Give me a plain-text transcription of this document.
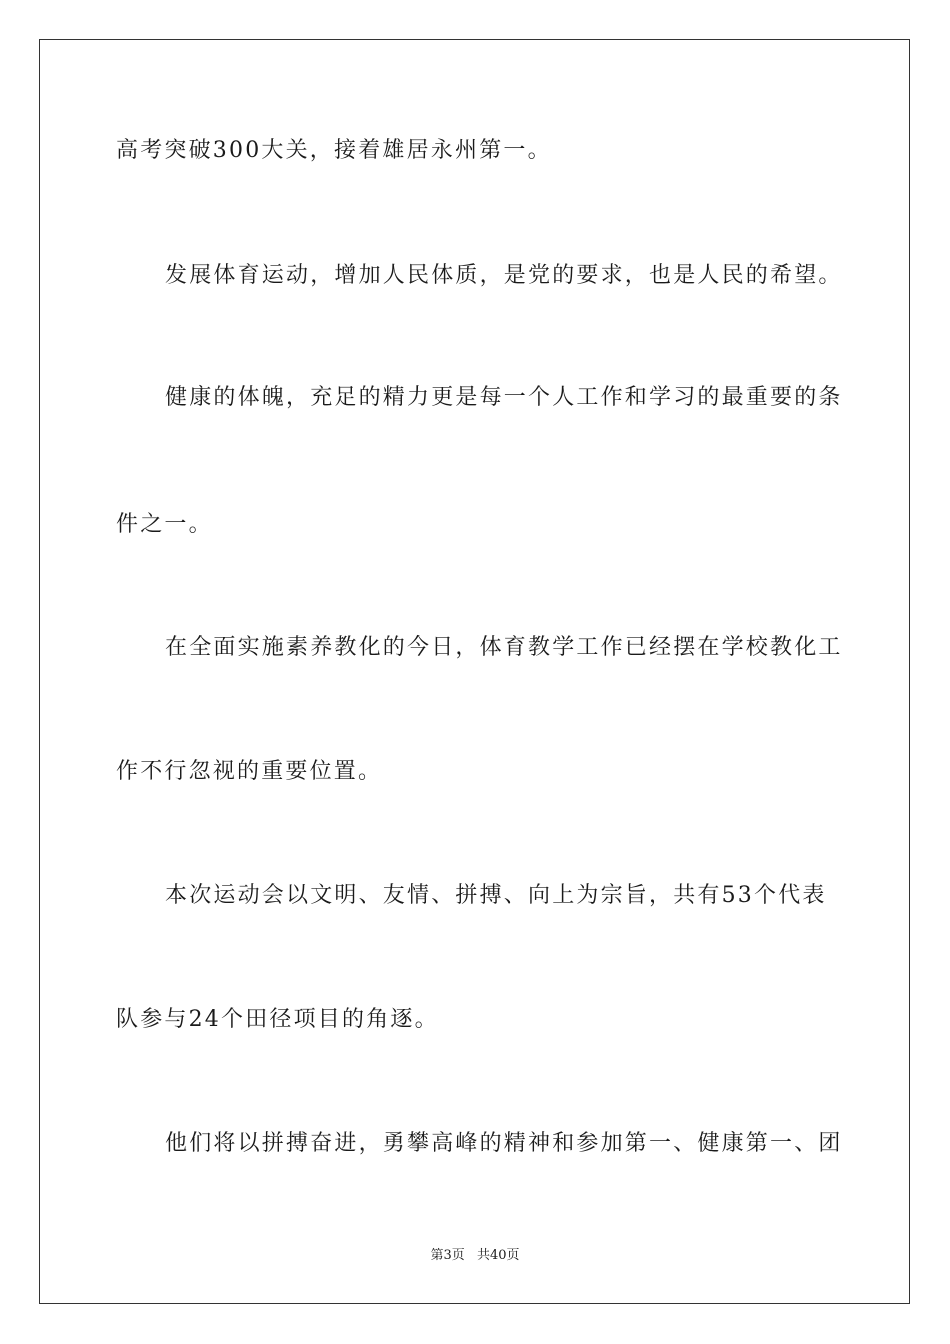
高考突破300大关，接着雄居永州第一。
发展体育运动，增加人民体质，是党的要求，也是人民的希望。
健康的体魄，充足的精力更是每一个人工作和学习的最重要的条
件之一。
在全面实施素养教化的今日，体育教学工作已经摆在学校教化工
作不行忽视的重要位置。
本次运动会以文明、友情、拼搏、向上为宗旨，共有53个代表
队参与24个田径项目的角逐。
他们将以拼搏奋进，勇攀高峰的精神和参加第一、健康第一、团
第3页 共40页
